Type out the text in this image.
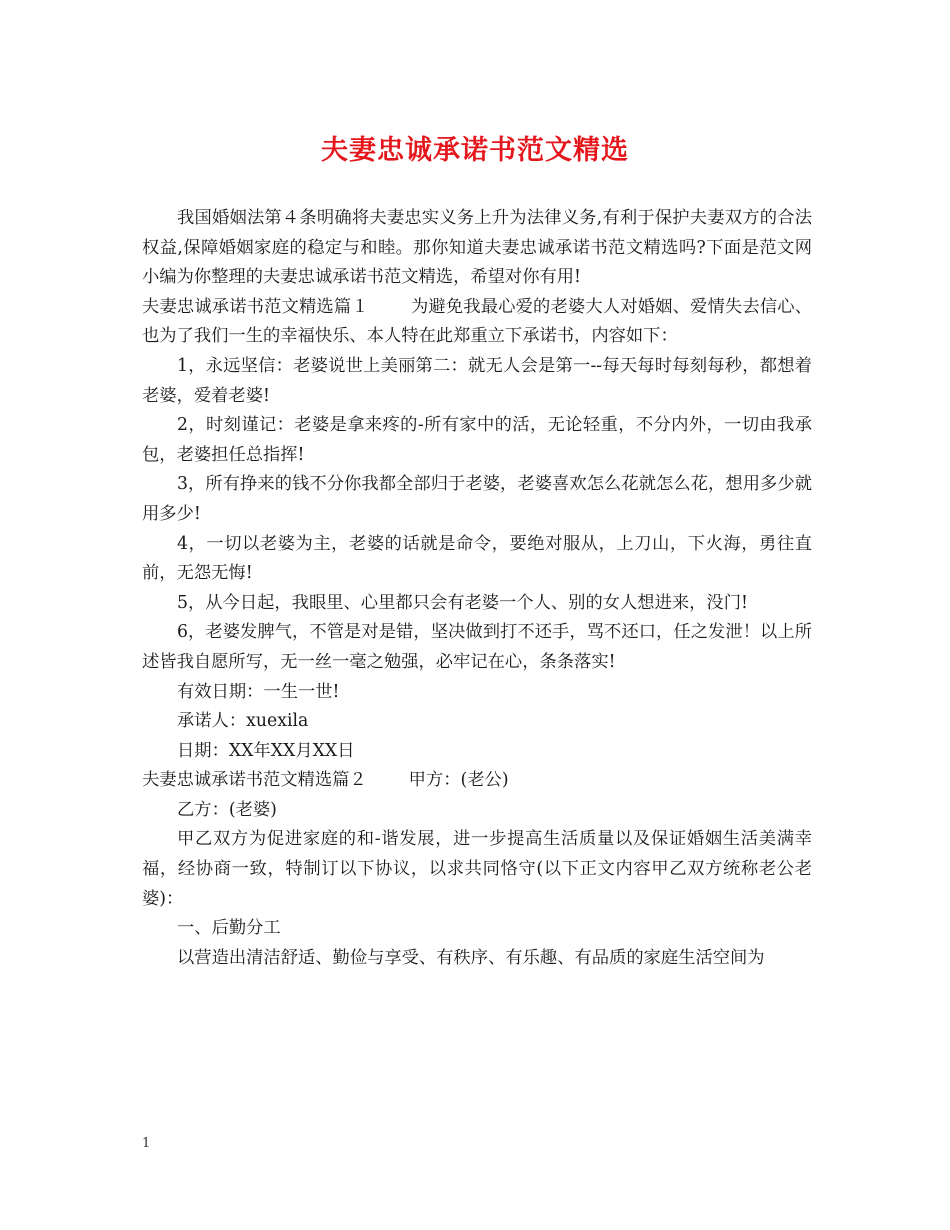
夫妻忠诚承诺书范文精选

我国婚姻法第４条明确将夫妻忠实义务上升为法律义务,有利于保护夫妻双方的合法权益,保障婚姻家庭的稳定与和睦。那你知道夫妻忠诚承诺书范文精选吗?下面是范文网小编为你整理的夫妻忠诚承诺书范文精选，希望对你有用!

夫妻忠诚承诺书范文精选篇１ 为避免我最心爱的老婆大人对婚姻、爱情失去信心、也为了我们一生的幸福快乐、本人特在此郑重立下承诺书，内容如下：

1，永远坚信：老婆说世上美丽第二：就无人会是第一--每天每时每刻每秒，都想着老婆，爱着老婆!

2，时刻谨记：老婆是拿来疼的-所有家中的活，无论轻重，不分内外，一切由我承包，老婆担任总指挥!

3，所有挣来的钱不分你我都全部归于老婆，老婆喜欢怎么花就怎么花，想用多少就用多少!

4，一切以老婆为主，老婆的话就是命令，要绝对服从，上刀山，下火海，勇往直前，无怨无悔!

5，从今日起，我眼里、心里都只会有老婆一个人、别的女人想进来，没门!

6，老婆发脾气，不管是对是错，坚决做到打不还手，骂不还口，任之发泄！以上所述皆我自愿所写，无一丝一毫之勉强，必牢记在心，条条落实!

有效日期：一生一世!

承诺人：xuexila

日期：XX年XX月XX日

夫妻忠诚承诺书范文精选篇２ 甲方：(老公)

乙方：(老婆)

甲乙双方为促进家庭的和-谐发展，进一步提高生活质量以及保证婚姻生活美满幸福，经协商一致，特制订以下协议，以求共同恪守(以下正文内容甲乙双方统称老公老婆)：

一、后勤分工

以营造出清洁舒适、勤俭与享受、有秩序、有乐趣、有品质的家庭生活空间为

1
